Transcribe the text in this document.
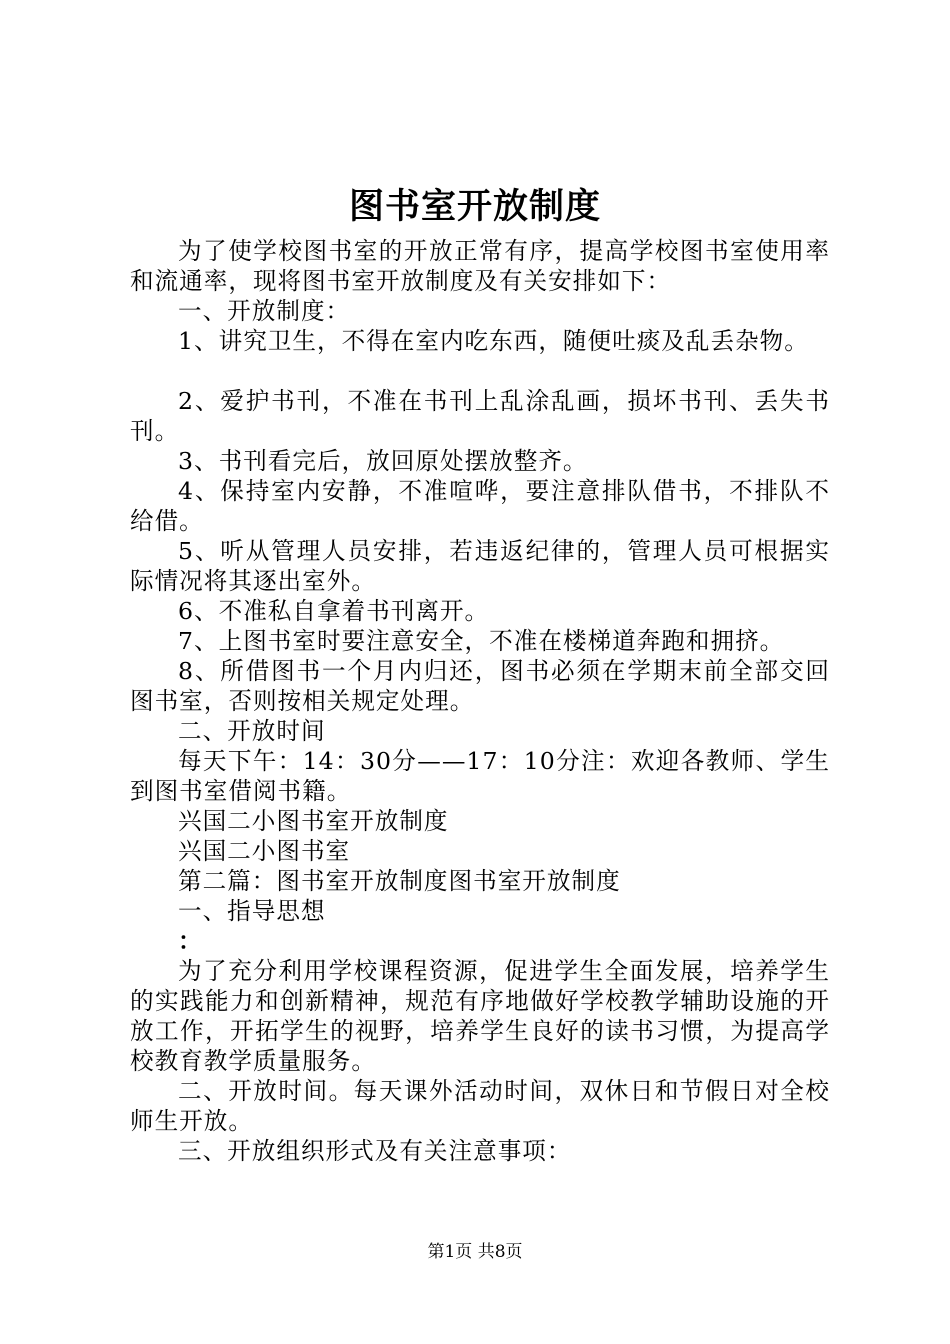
图书室开放制度

为了使学校图书室的开放正常有序，提高学校图书室使用率和流通率，现将图书室开放制度及有关安排如下：

一、开放制度：

1、讲究卫生，不得在室内吃东西，随便吐痰及乱丢杂物。

2、爱护书刊，不准在书刊上乱涂乱画，损坏书刊、丢失书刊。

3、书刊看完后，放回原处摆放整齐。

4、保持室内安静，不准喧哗，要注意排队借书，不排队不给借。

5、听从管理人员安排，若违返纪律的，管理人员可根据实际情况将其逐出室外。

6、不准私自拿着书刊离开。

7、上图书室时要注意安全，不准在楼梯道奔跑和拥挤。

8、所借图书一个月内归还，图书必须在学期末前全部交回图书室，否则按相关规定处理。

二、开放时间

每天下午：14：30分——17：10分注：欢迎各教师、学生到图书室借阅书籍。

兴国二小图书室开放制度

兴国二小图书室

第二篇：图书室开放制度图书室开放制度

一、指导思想

：

为了充分利用学校课程资源，促进学生全面发展，培养学生的实践能力和创新精神，规范有序地做好学校教学辅助设施的开放工作，开拓学生的视野，培养学生良好的读书习惯，为提高学校教育教学质量服务。

二、开放时间。每天课外活动时间，双休日和节假日对全校师生开放。

三、开放组织形式及有关注意事项：

第1页 共8页
